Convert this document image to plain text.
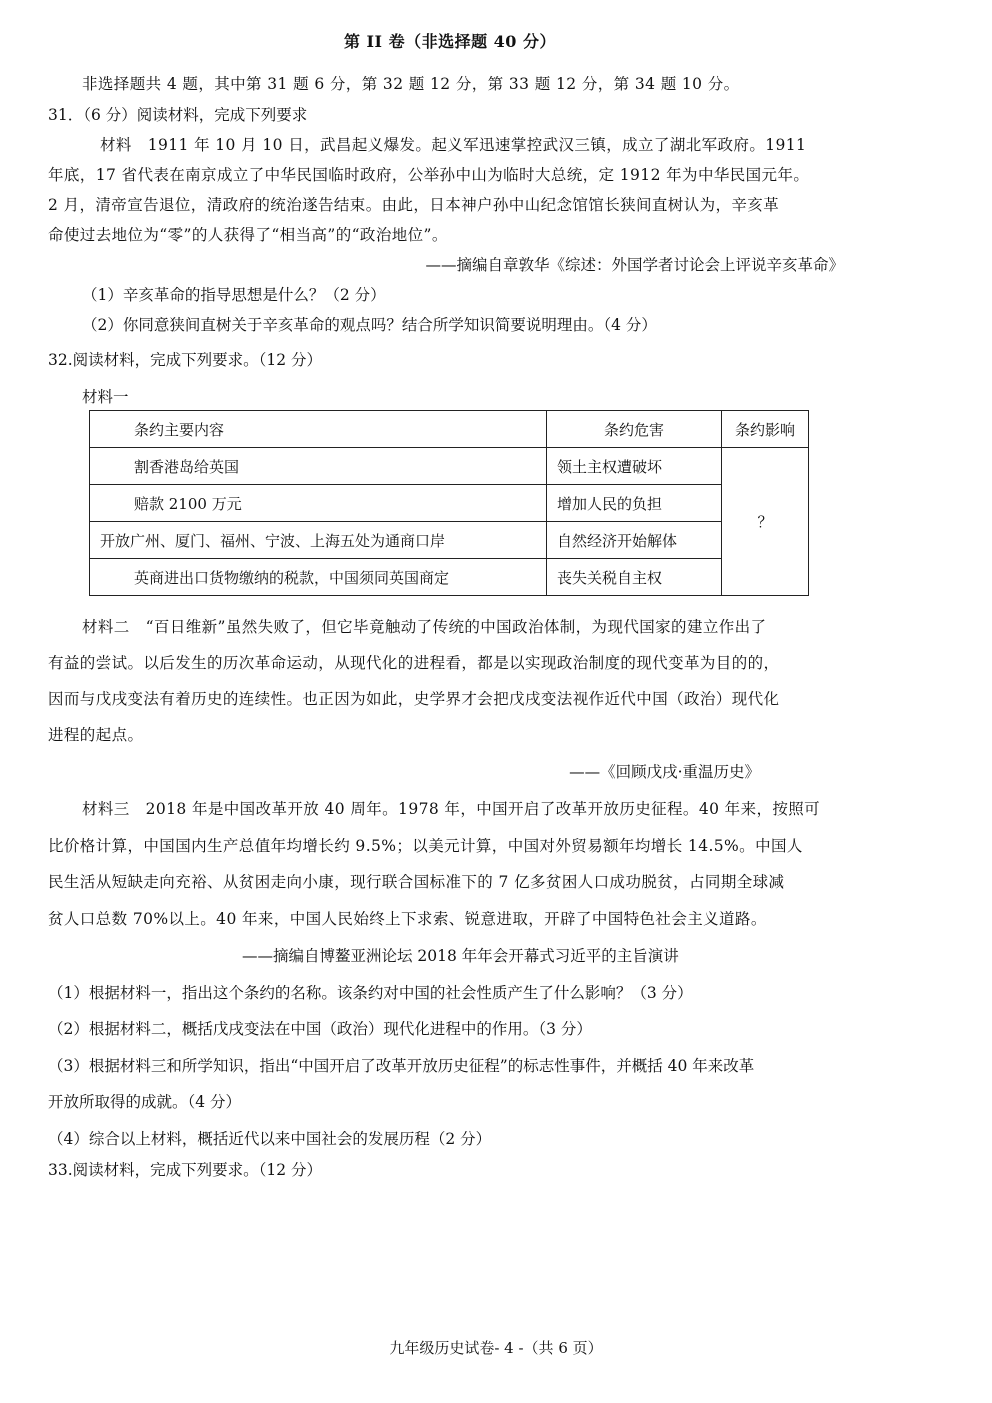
第 II 卷（非选择题 40 分）
非选择题共 4 题，其中第 31 题 6 分，第 32 题 12 分，第 33 题 12 分，第 34 题 10 分。
31．（6 分）阅读材料，完成下列要求
材料　1911 年 10 月 10 日，武昌起义爆发。起义军迅速掌控武汉三镇，成立了湖北军政府。1911
年底，17 省代表在南京成立了中华民国临时政府，公举孙中山为临时大总统，定 1912 年为中华民国元年。
2 月，清帝宣告退位，清政府的统治遂告结束。由此，日本神户孙中山纪念馆馆长狭间直树认为，辛亥革
命使过去地位为“零”的人获得了“相当高”的“政治地位”。
——摘编自章敦华《综述：外国学者讨论会上评说辛亥革命》
（1）辛亥革命的指导思想是什么？（2 分）
（2）你同意狭间直树关于辛亥革命的观点吗？结合所学知识简要说明理由。（4 分）
32.阅读材料，完成下列要求。（12 分）
材料一
条约主要内容	条约危害	条约影响
割香港岛给英国	领土主权遭破坏	？
赔款 2100 万元	增加人民的负担	
开放广州、厦门、福州、宁波、上海五处为通商口岸	自然经济开始解体	
英商进出口货物缴纳的税款，中国须同英国商定	丧失关税自主权	
材料二　“百日维新”虽然失败了，但它毕竟触动了传统的中国政治体制，为现代国家的建立作出了
有益的尝试。以后发生的历次革命运动，从现代化的进程看，都是以实现政治制度的现代变革为目的的，
因而与戊戌变法有着历史的连续性。也正因为如此，史学界才会把戊戌变法视作近代中国（政治）现代化
进程的起点。
——《回顾戊戌·重温历史》
材料三　2018 年是中国改革开放 40 周年。1978 年，中国开启了改革开放历史征程。40 年来，按照可
比价格计算，中国国内生产总值年均增长约 9.5%；以美元计算，中国对外贸易额年均增长 14.5%。中国人
民生活从短缺走向充裕、从贫困走向小康，现行联合国标准下的 7 亿多贫困人口成功脱贫，占同期全球减
贫人口总数 70%以上。40 年来，中国人民始终上下求索、锐意进取，开辟了中国特色社会主义道路。
——摘编自博鳌亚洲论坛 2018 年年会开幕式习近平的主旨演讲
（1）根据材料一，指出这个条约的名称。该条约对中国的社会性质产生了什么影响？（3 分）
（2）根据材料二，概括戊戌变法在中国（政治）现代化进程中的作用。（3 分）
（3）根据材料三和所学知识，指出“中国开启了改革开放历史征程”的标志性事件，并概括 40 年来改革
开放所取得的成就。（4 分）
（4）综合以上材料，概括近代以来中国社会的发展历程（2 分）
33.阅读材料，完成下列要求。（12 分）
九年级历史试卷- 4 -（共 6 页）
